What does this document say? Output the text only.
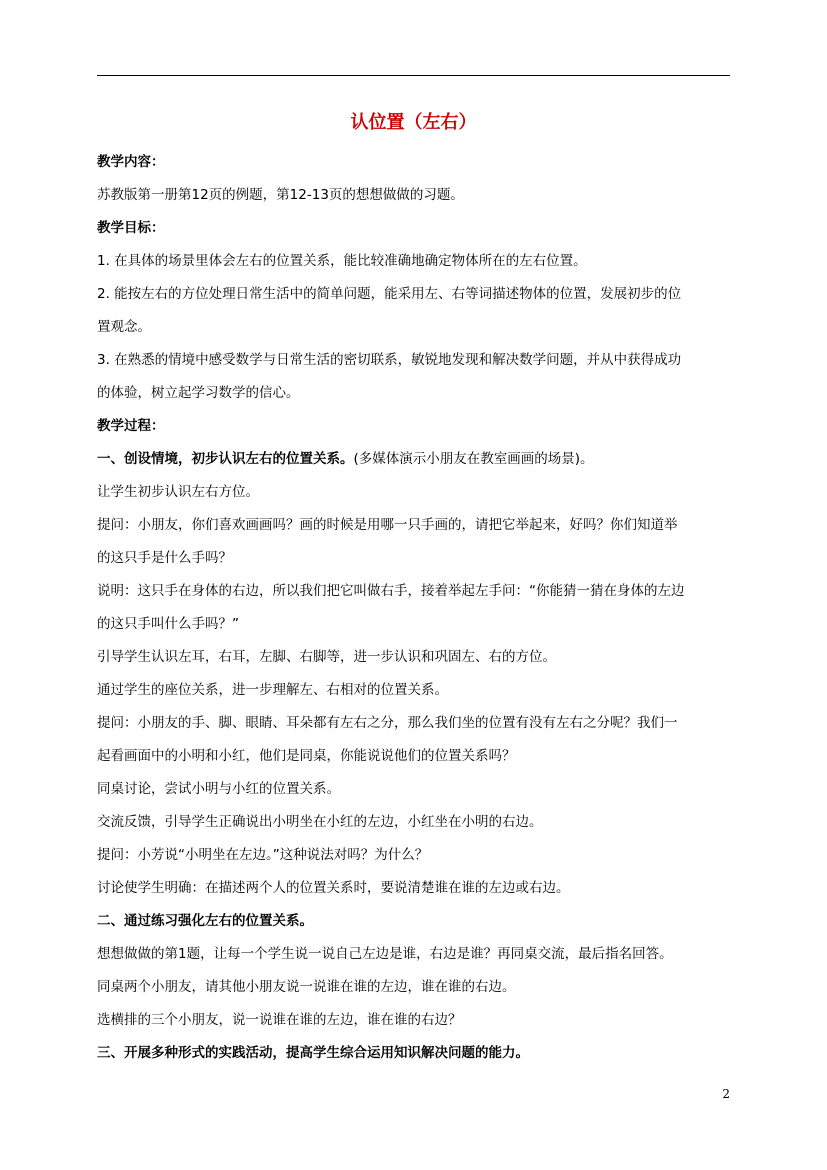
认位置（左右）
教学内容：
苏教版第一册第12页的例题，第12-13页的想想做做的习题。
教学目标：
1. 在具体的场景里体会左右的位置关系，能比较准确地确定物体所在的左右位置。
2. 能按左右的方位处理日常生活中的简单问题，能采用左、右等词描述物体的位置，发展初步的位
置观念。
3. 在熟悉的情境中感受数学与日常生活的密切联系，敏锐地发现和解决数学问题，并从中获得成功
的体验，树立起学习数学的信心。
教学过程：
一、创设情境，初步认识左右的位置关系。(多媒体演示小朋友在教室画画的场景)。
让学生初步认识左右方位。
提问：小朋友，你们喜欢画画吗？画的时候是用哪一只手画的，请把它举起来，好吗？你们知道举
的这只手是什么手吗？
说明：这只手在身体的右边，所以我们把它叫做右手，接着举起左手问：“你能猜一猜在身体的左边
的这只手叫什么手吗？”
引导学生认识左耳，右耳，左脚、右脚等，进一步认识和巩固左、右的方位。
通过学生的座位关系，进一步理解左、右相对的位置关系。
提问：小朋友的手、脚、眼睛、耳朵都有左右之分，那么我们坐的位置有没有左右之分呢？我们一
起看画面中的小明和小红，他们是同桌，你能说说他们的位置关系吗？
同桌讨论，尝试小明与小红的位置关系。
交流反馈，引导学生正确说出小明坐在小红的左边，小红坐在小明的右边。
提问：小芳说“小明坐在左边。”这种说法对吗？为什么？
讨论使学生明确：在描述两个人的位置关系时，要说清楚谁在谁的左边或右边。
二、通过练习强化左右的位置关系。
想想做做的第1题，让每一个学生说一说自己左边是谁，右边是谁？再同桌交流，最后指名回答。
同桌两个小朋友，请其他小朋友说一说谁在谁的左边，谁在谁的右边。
选横排的三个小朋友，说一说谁在谁的左边，谁在谁的右边？
三、开展多种形式的实践活动，提高学生综合运用知识解决问题的能力。
2
